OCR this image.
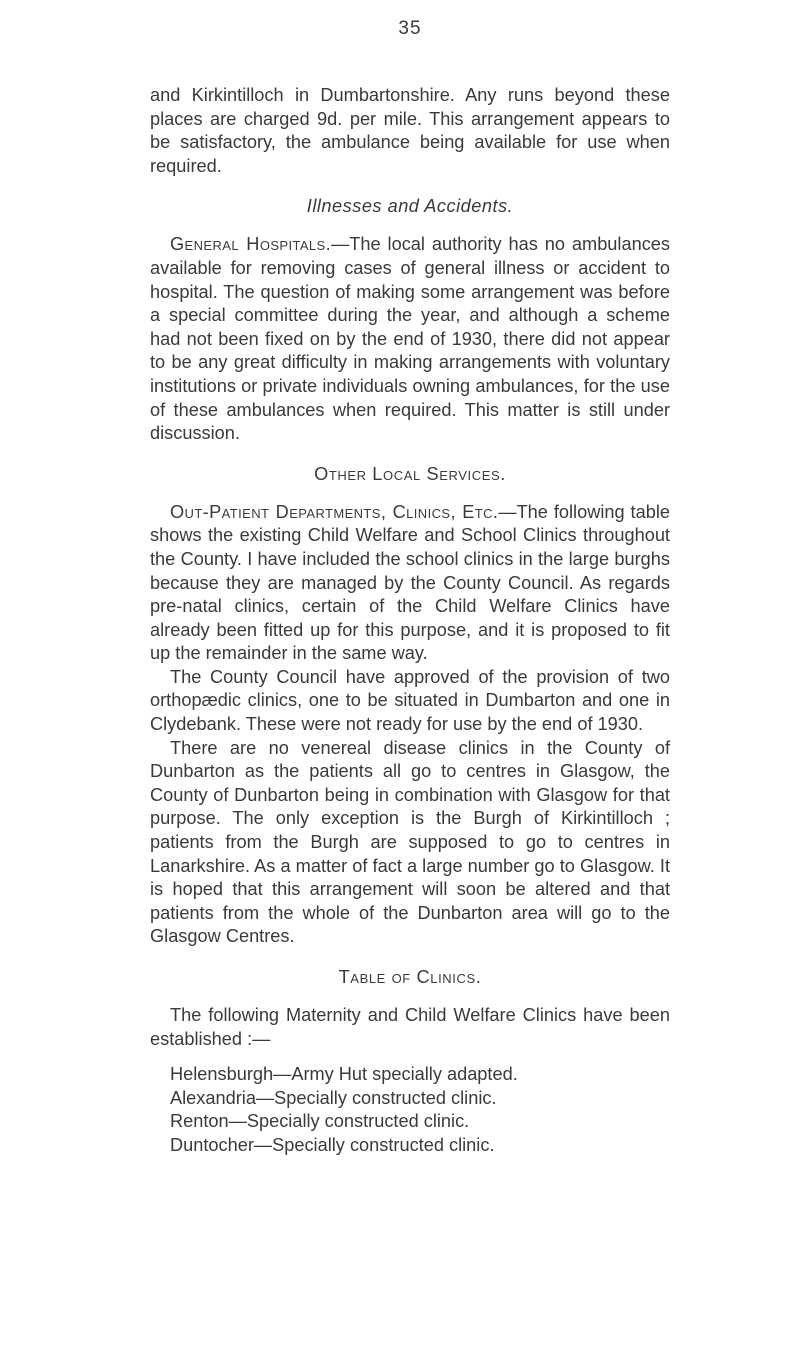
35

and Kirkintilloch in Dumbartonshire. Any runs beyond these places are charged 9d. per mile. This arrangement appears to be satisfactory, the ambulance being available for use when required.

Illnesses and Accidents.

General Hospitals.—The local authority has no ambulances available for removing cases of general illness or accident to hospital. The question of making some arrangement was before a special committee during the year, and although a scheme had not been fixed on by the end of 1930, there did not appear to be any great difficulty in making arrangements with voluntary institutions or private individuals owning ambulances, for the use of these ambulances when required. This matter is still under discussion.

Other Local Services.

Out-Patient Departments, Clinics, Etc.—The following table shows the existing Child Welfare and School Clinics throughout the County. I have included the school clinics in the large burghs because they are managed by the County Council. As regards pre-natal clinics, certain of the Child Welfare Clinics have already been fitted up for this purpose, and it is proposed to fit up the remainder in the same way.

The County Council have approved of the provision of two orthopædic clinics, one to be situated in Dumbarton and one in Clydebank. These were not ready for use by the end of 1930.

There are no venereal disease clinics in the County of Dunbarton as the patients all go to centres in Glasgow, the County of Dunbarton being in combination with Glasgow for that purpose. The only exception is the Burgh of Kirkintilloch ; patients from the Burgh are supposed to go to centres in Lanarkshire. As a matter of fact a large number go to Glasgow. It is hoped that this arrangement will soon be altered and that patients from the whole of the Dunbarton area will go to the Glasgow Centres.

Table of Clinics.

The following Maternity and Child Welfare Clinics have been established :—

Helensburgh—Army Hut specially adapted.
Alexandria—Specially constructed clinic.
Renton—Specially constructed clinic.
Duntocher—Specially constructed clinic.
